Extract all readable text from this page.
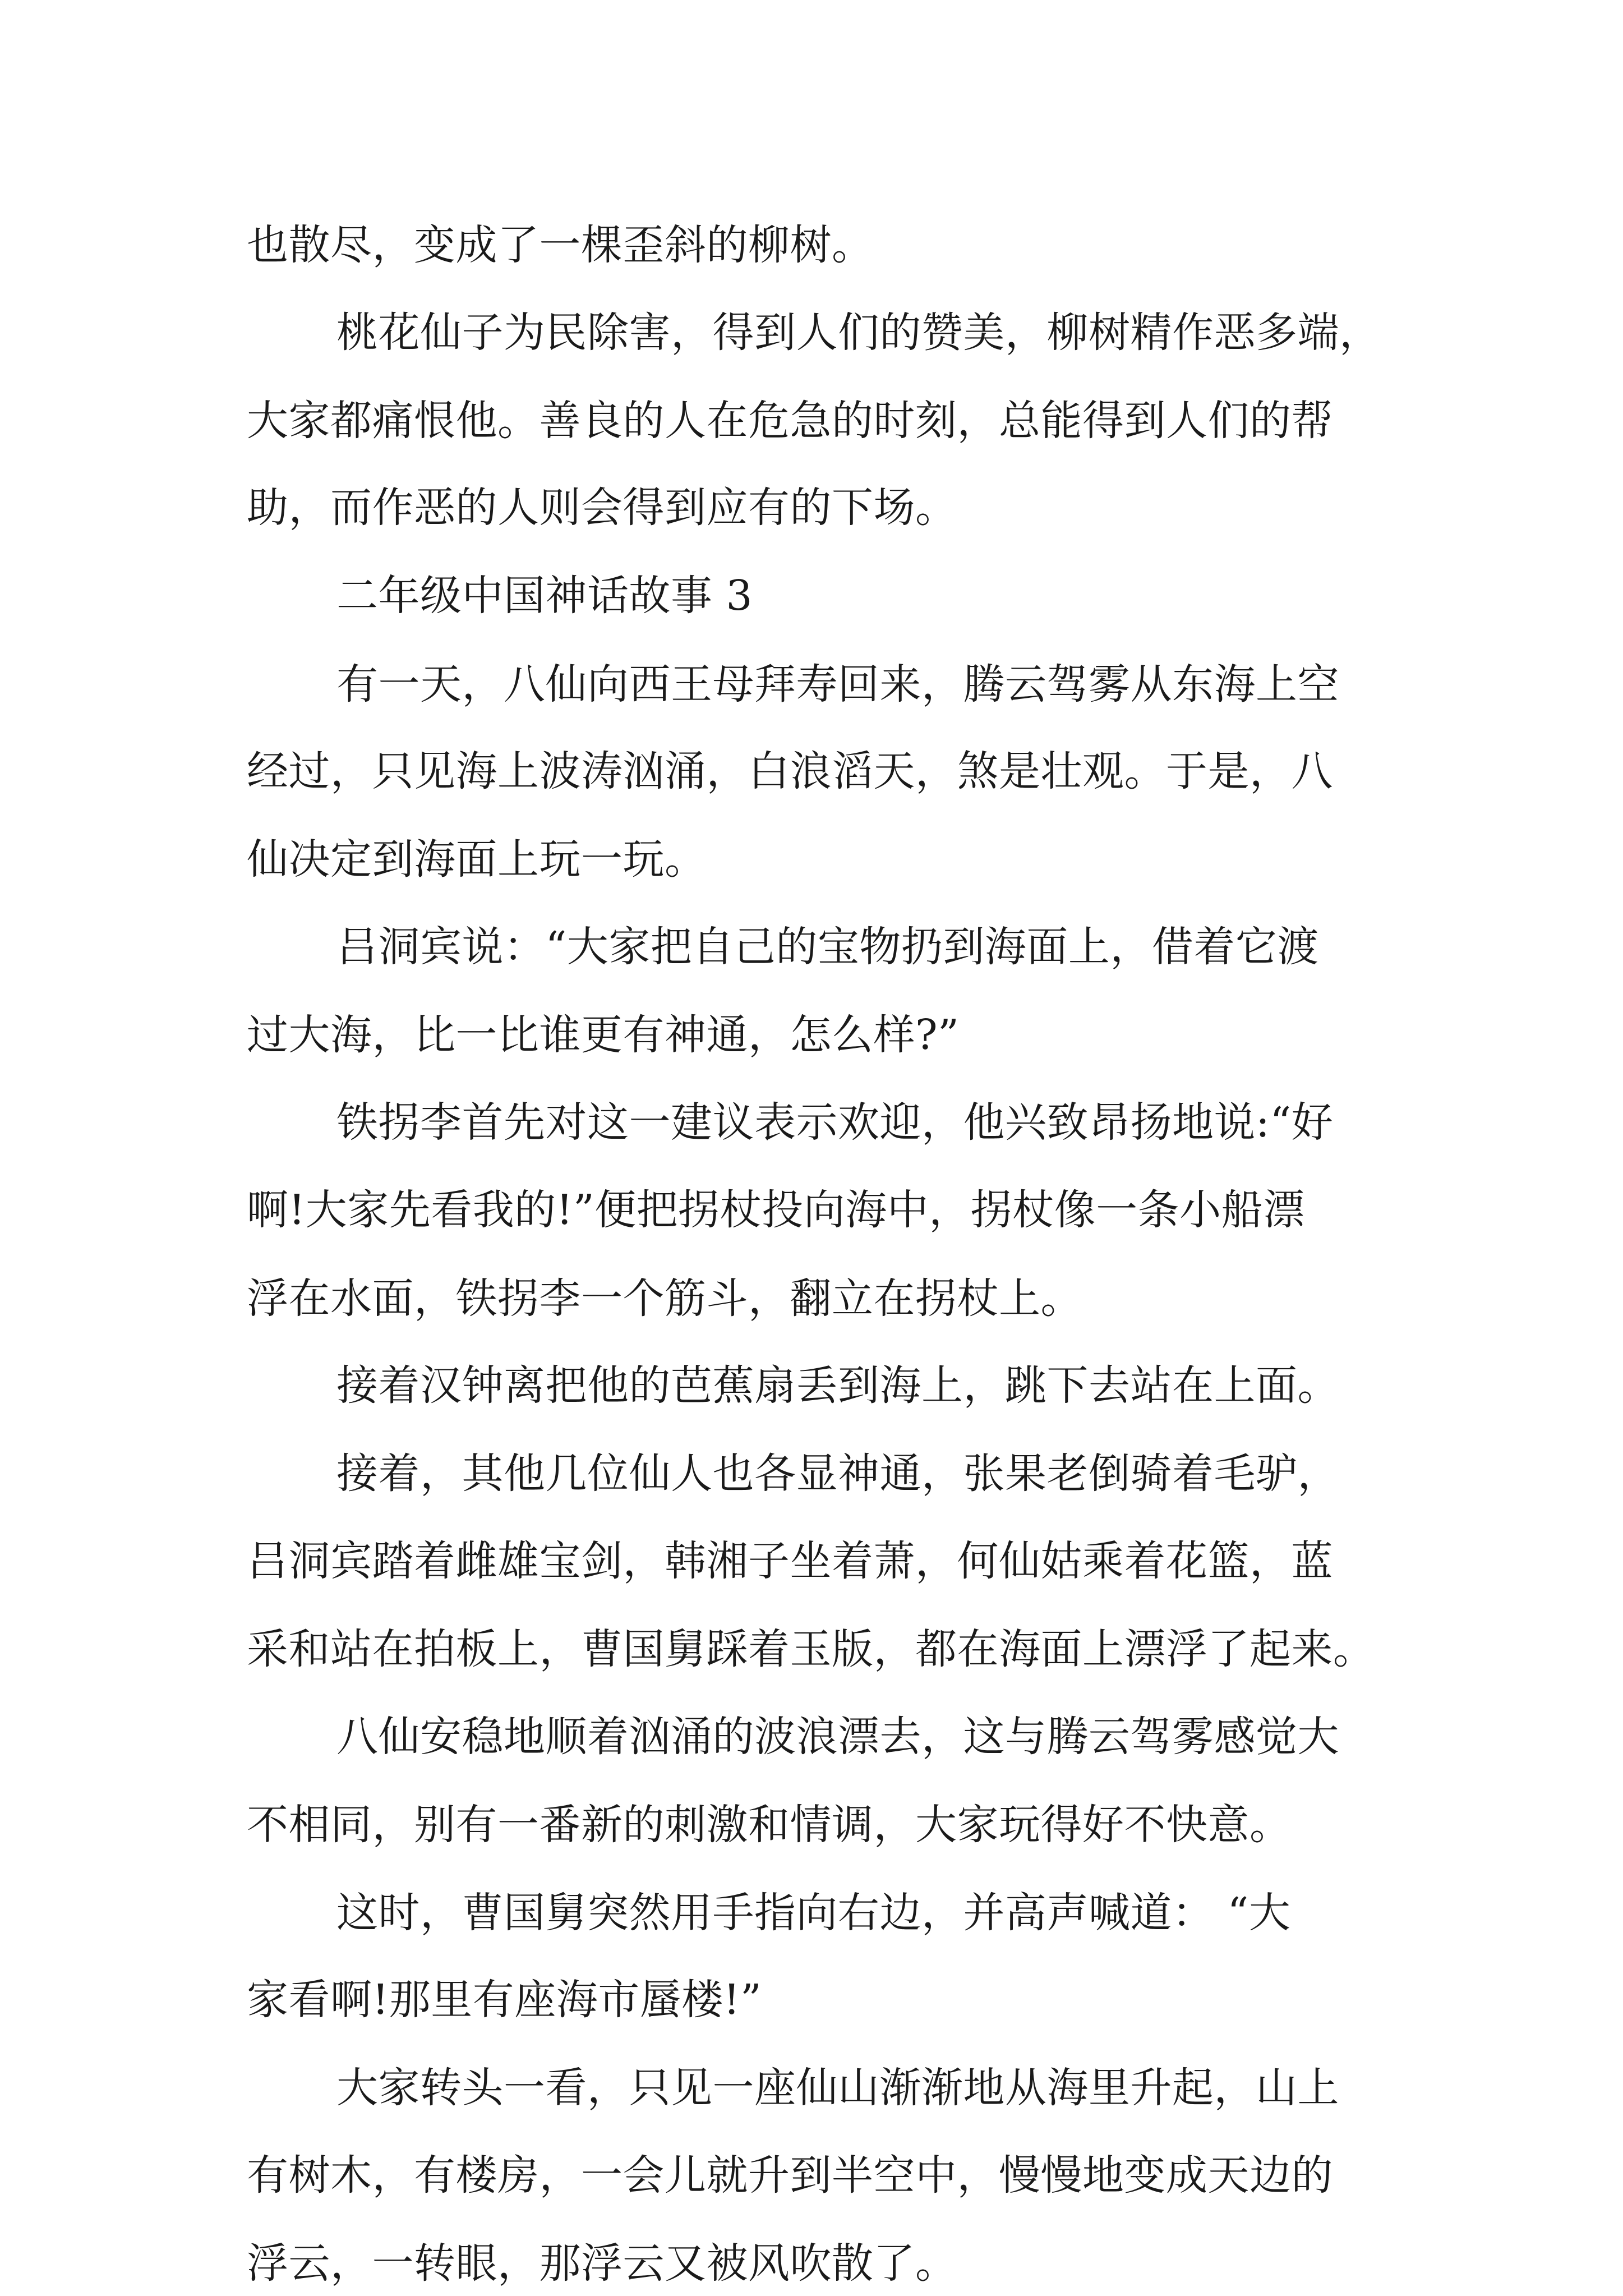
也散尽，变成了一棵歪斜的柳树。

桃花仙子为民除害，得到人们的赞美，柳树精作恶多端，

大家都痛恨他。善良的人在危急的时刻，总能得到人们的帮

助，而作恶的人则会得到应有的下场。

二年级中国神话故事 3

有一天，八仙向西王母拜寿回来，腾云驾雾从东海上空

经过，只见海上波涛汹涌，白浪滔天，煞是壮观。于是，八

仙决定到海面上玩一玩。

吕洞宾说：“大家把自己的宝物扔到海面上，借着它渡

过大海，比一比谁更有神通，怎么样?”

铁拐李首先对这一建议表示欢迎，他兴致昂扬地说:“好

啊!大家先看我的!”便把拐杖投向海中，拐杖像一条小船漂

浮在水面，铁拐李一个筋斗，翻立在拐杖上。

接着汉钟离把他的芭蕉扇丢到海上，跳下去站在上面。

接着，其他几位仙人也各显神通，张果老倒骑着毛驴，

吕洞宾踏着雌雄宝剑，韩湘子坐着萧，何仙姑乘着花篮，蓝

采和站在拍板上，曹国舅踩着玉版，都在海面上漂浮了起来。

八仙安稳地顺着汹涌的波浪漂去，这与腾云驾雾感觉大

不相同，别有一番新的刺激和情调，大家玩得好不快意。

这时，曹国舅突然用手指向右边，并高声喊道： “大

家看啊!那里有座海市蜃楼!”

大家转头一看，只见一座仙山渐渐地从海里升起，山上

有树木，有楼房，一会儿就升到半空中，慢慢地变成天边的

浮云，一转眼，那浮云又被风吹散了。
